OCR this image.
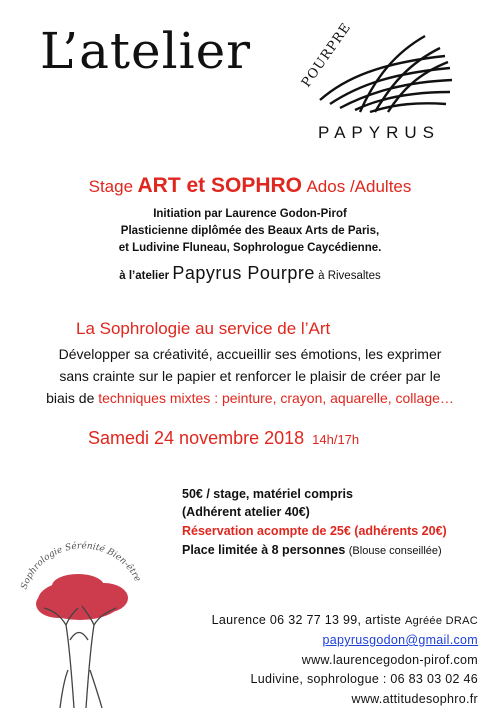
L’atelier	POURPRE
PAPYRUS
Stage ART et SOPHRO Ados /Adultes
Initiation par Laurence Godon-Pirof
Plasticienne diplômée des Beaux Arts de Paris,
et Ludivine Fluneau, Sophrologue Caycédienne.
à l’atelier Papyrus Pourpre à Rivesaltes
La Sophrologie au service de l’Art
Développer sa créativité, accueillir ses émotions, les exprimer
sans crainte sur le papier et renforcer le plaisir de créer par le
biais de techniques mixtes : peinture, crayon, aquarelle, collage…
Samedi 24 novembre 2018 14h/17h
50€ / stage, matériel compris
(Adhérent atelier 40€)
Réservation acompte de 25€ (adhérents 20€)
Place limitée à 8 personnes (Blouse conseillée)
Sophrologie Sérénité Bien-être
Laurence 06 32 77 13 99, artiste Agréée DRAC
papyrusgodon@gmail.com
www.laurencegodon-pirof.com
Ludivine, sophrologue : 06 83 03 02 46
www.attitudesophro.fr
